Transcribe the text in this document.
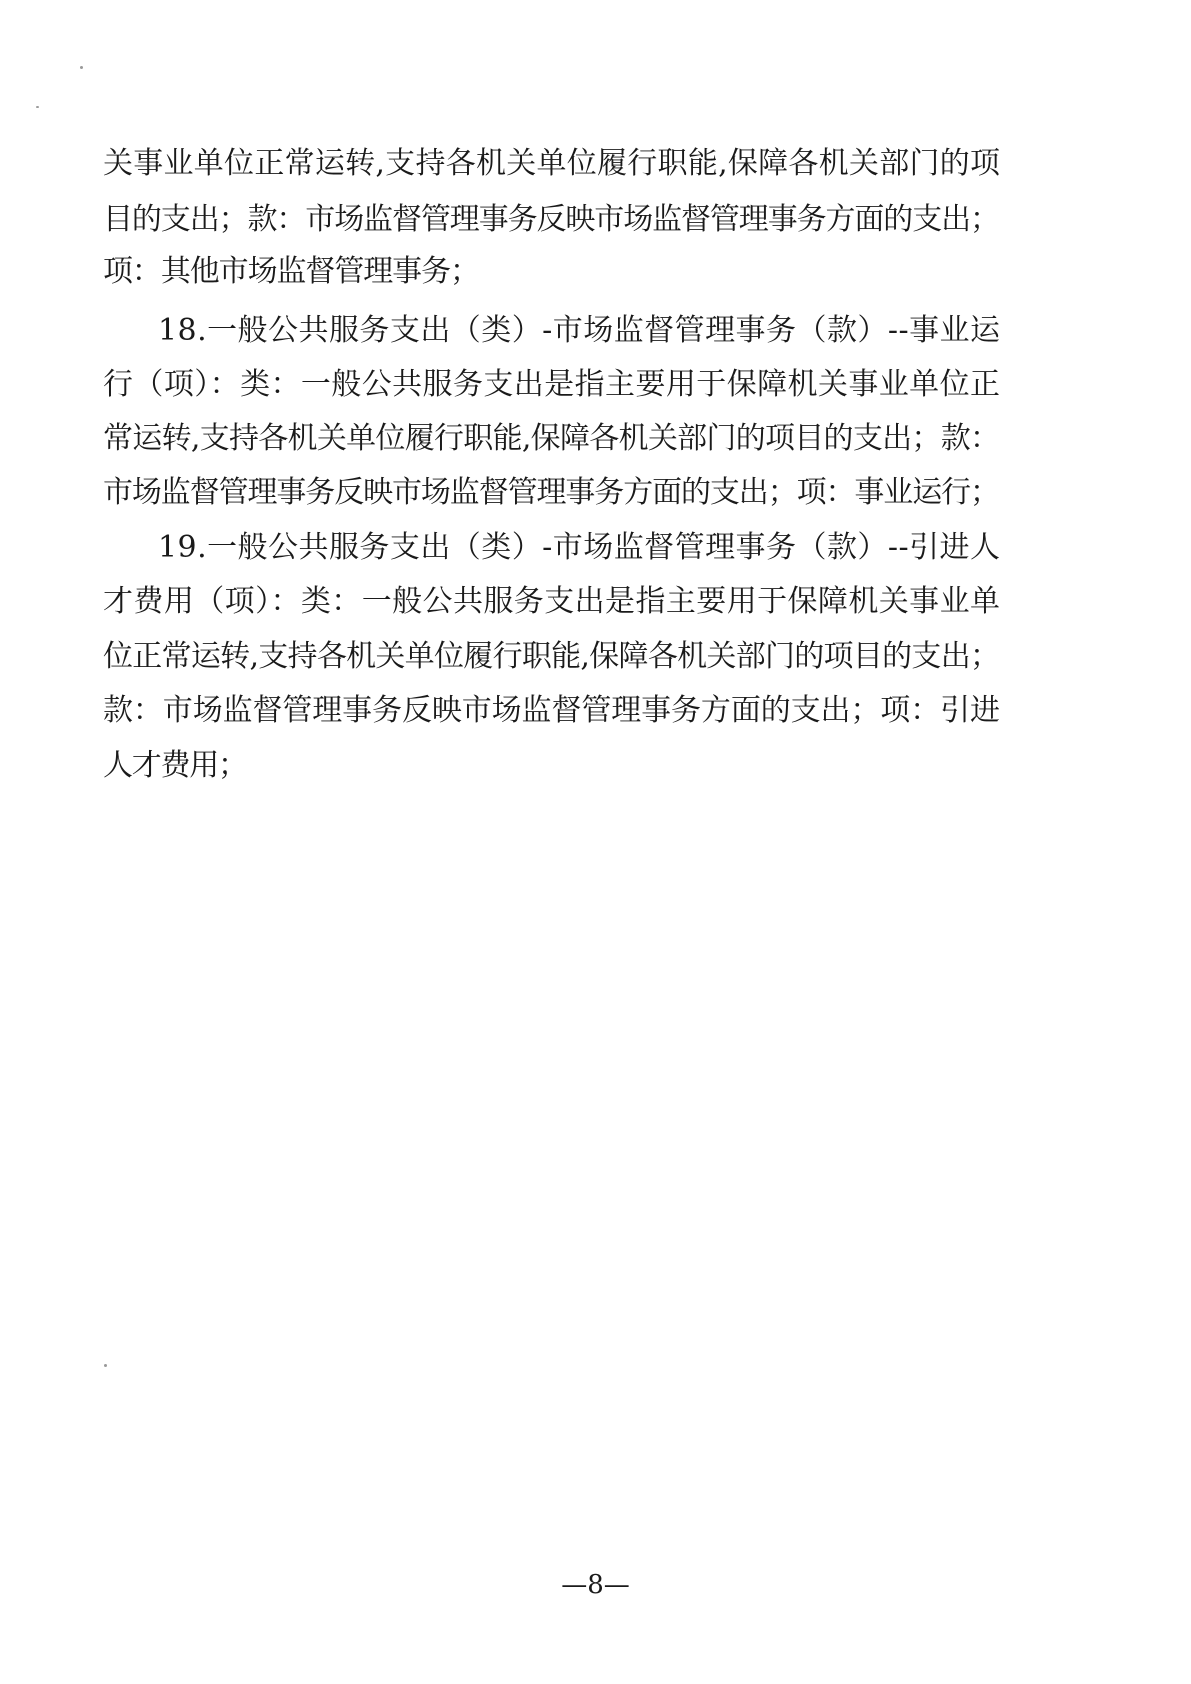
关事业单位正常运转,支持各机关单位履行职能,保障各机关部门的项
目的支出；款：市场监督管理事务反映市场监督管理事务方面的支出；
项：其他市场监督管理事务；
18.一般公共服务支出（类）-市场监督管理事务（款）--事业运
行（项）：类：一般公共服务支出是指主要用于保障机关事业单位正
常运转,支持各机关单位履行职能,保障各机关部门的项目的支出；款：
市场监督管理事务反映市场监督管理事务方面的支出；项：事业运行；
19.一般公共服务支出（类）-市场监督管理事务（款）--引进人
才费用（项）：类：一般公共服务支出是指主要用于保障机关事业单
位正常运转,支持各机关单位履行职能,保障各机关部门的项目的支出；
款：市场监督管理事务反映市场监督管理事务方面的支出；项：引进
人才费用；
—8—
